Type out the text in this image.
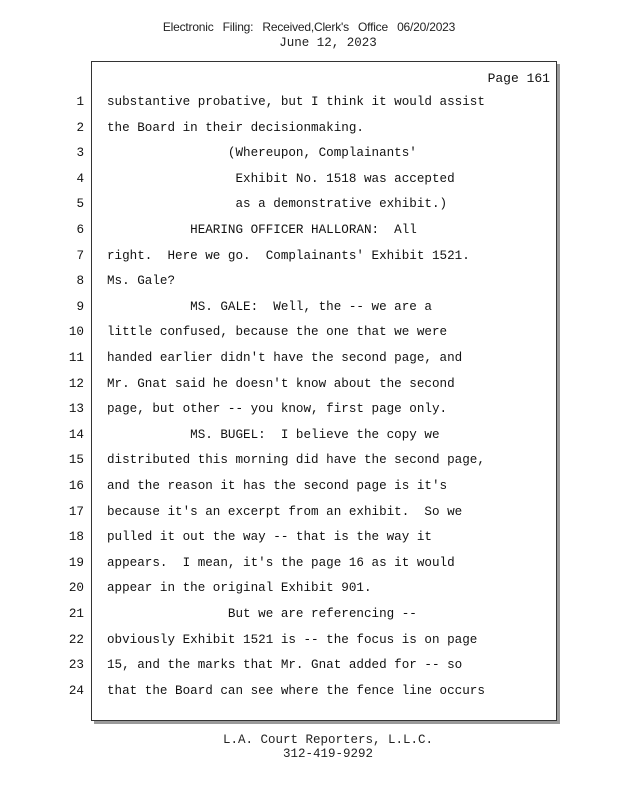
Electronic Filing: Received,Clerk's Office 06/20/2023
June 12, 2023
Page 161
1 substantive probative, but I think it would assist
2 the Board in their decisionmaking.
3 (Whereupon, Complainants'
4 Exhibit No. 1518 was accepted
5 as a demonstrative exhibit.)
6 HEARING OFFICER HALLORAN:  All
7 right.  Here we go.  Complainants' Exhibit 1521.
8 Ms. Gale?
9 MS. GALE:  Well, the -- we are a
10 little confused, because the one that we were
11 handed earlier didn't have the second page, and
12 Mr. Gnat said he doesn't know about the second
13 page, but other -- you know, first page only.
14 MS. BUGEL:  I believe the copy we
15 distributed this morning did have the second page,
16 and the reason it has the second page is it's
17 because it's an excerpt from an exhibit.  So we
18 pulled it out the way -- that is the way it
19 appears.  I mean, it's the page 16 as it would
20 appear in the original Exhibit 901.
21 But we are referencing --
22 obviously Exhibit 1521 is -- the focus is on page
23 15, and the marks that Mr. Gnat added for -- so
24 that the Board can see where the fence line occurs
L.A. Court Reporters, L.L.C.
312-419-9292
